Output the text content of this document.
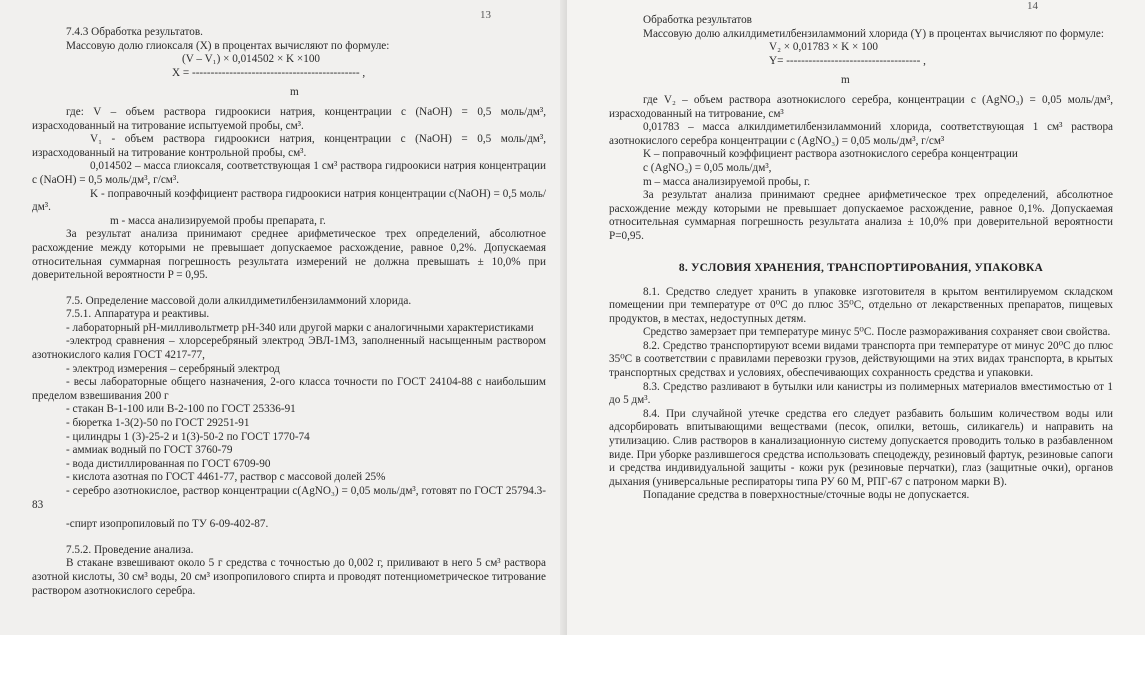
13

7.4.3 Обработка результатов.

Массовую долю глиоксаля (X) в процентах вычисляют по формуле:

(V – V₁) × 0,014502 × K ×100

X = --------------------------------------------- ,

m

где: V – объем раствора гидроокиси натрия, концентрации c (NaOH) = 0,5 моль/дм³, израсходованный на титрование испытуемой пробы, см³.

V₁ - объем раствора гидроокиси натрия, концентрации c (NaOH) = 0,5 моль/дм³, израсходованный на титрование контрольной пробы, см³.

0,014502 – масса глиоксаля, соответствующая 1 см³ раствора гидроокиси натрия концентрации c (NaOH) = 0,5 моль/дм³, г/см³.

K - поправочный коэффициент раствора гидроокиси натрия концентрации c(NaOH) = 0,5 моль/дм³.

m - масса анализируемой пробы препарата, г.

За результат анализа принимают среднее арифметическое трех определений, абсолютное расхождение между которыми не превышает допускаемое расхождение, равное 0,2%. Допускаемая относительная суммарная погрешность результата измерений не должна превышать ± 10,0% при доверительной вероятности P = 0,95.

7.5. Определение массовой доли алкилдиметилбензиламмоний хлорида.

7.5.1. Аппаратура и реактивы.

- лабораторный pH-милливольтметр pH-340 или другой марки с аналогичными характеристиками

-электрод сравнения – хлорсеребряный электрод ЭВЛ-1М3, заполненный насыщенным раствором азотнокислого калия ГОСТ 4217-77,

- электрод измерения – серебряный электрод

- весы лабораторные общего назначения, 2-ого класса точности по ГОСТ 24104-88 с наибольшим пределом взвешивания 200 г

- стакан В-1-100 или В-2-100 по ГОСТ 25336-91

- бюретка 1-3(2)-50 по ГОСТ 29251-91

- цилиндры 1 (3)-25-2 и 1(3)-50-2 по ГОСТ 1770-74

- аммиак водный по ГОСТ 3760-79

- вода дистиллированная по ГОСТ 6709-90

- кислота азотная по ГОСТ 4461-77, раствор с массовой долей 25%

- серебро азотнокислое, раствор концентрации c(AgNO₃) = 0,05 моль/дм³, готовят по ГОСТ 25794.3-83

-спирт изопропиловый по ТУ 6-09-402-87.

7.5.2. Проведение анализа.

В стакане взвешивают около 5 г средства с точностью до 0,002 г, приливают в него 5 см³ раствора азотной кислоты, 30 см³ воды, 20 см³ изопропилового спирта и проводят потенциометрическое титрование раствором азотнокислого серебра.

14

Обработка результатов

Массовую долю алкилдиметилбензиламмоний хлорида (Y) в процентах вычисляют по формуле:

V₂ × 0,01783 × K × 100

Y= ------------------------------------ ,

m

где V₂ – объем раствора азотнокислого серебра, концентрации c (AgNO₃) = 0,05 моль/дм³, израсходованный на титрование, см³

0,01783 – масса алкилдиметилбензиламмоний хлорида, соответствующая 1 см³ раствора азотнокислого серебра концентрации c (AgNO₃) = 0,05 моль/дм³, г/см³

K – поправочный коэффициент раствора азотнокислого серебра концентрации

c (AgNO₃) = 0,05 моль/дм³,

m – масса анализируемой пробы, г.

За результат анализа принимают среднее арифметическое трех определений, абсолютное расхождение между которыми не превышает допускаемое расхождение, равное 0,1%. Допускаемая относительная суммарная погрешность результата анализа ± 10,0% при доверительной вероятности P=0,95.

8. УСЛОВИЯ ХРАНЕНИЯ, ТРАНСПОРТИРОВАНИЯ, УПАКОВКА

8.1. Средство следует хранить в упаковке изготовителя в крытом вентилируемом складском помещении при температуре от 0⁰С до плюс 35⁰С, отдельно от лекарственных препаратов, пищевых продуктов, в местах, недоступных детям.

Средство замерзает при температуре минус 5⁰С. После размораживания сохраняет свои свойства.

8.2. Средство транспортируют всеми видами транспорта при температуре от минус 20⁰С до плюс 35⁰С в соответствии с правилами перевозки грузов, действующими на этих видах транспорта, в крытых транспортных средствах и условиях, обеспечивающих сохранность средства и упаковки.

8.3. Средство разливают в бутылки или канистры из полимерных материалов вместимостью от 1 до 5 дм³.

8.4. При случайной утечке средства его следует разбавить большим количеством воды или адсорбировать впитывающими веществами (песок, опилки, ветошь, силикагель) и направить на утилизацию. Слив растворов в канализационную систему допускается проводить только в разбавленном виде. При уборке разлившегося средства использовать спецодежду, резиновый фартук, резиновые сапоги и средства индивидуальной защиты - кожи рук (резиновые перчатки), глаз (защитные очки), органов дыхания (универсальные респираторы типа РУ 60 М, РПГ-67 с патроном марки В).

Попадание средства в поверхностные/сточные воды не допускается.
